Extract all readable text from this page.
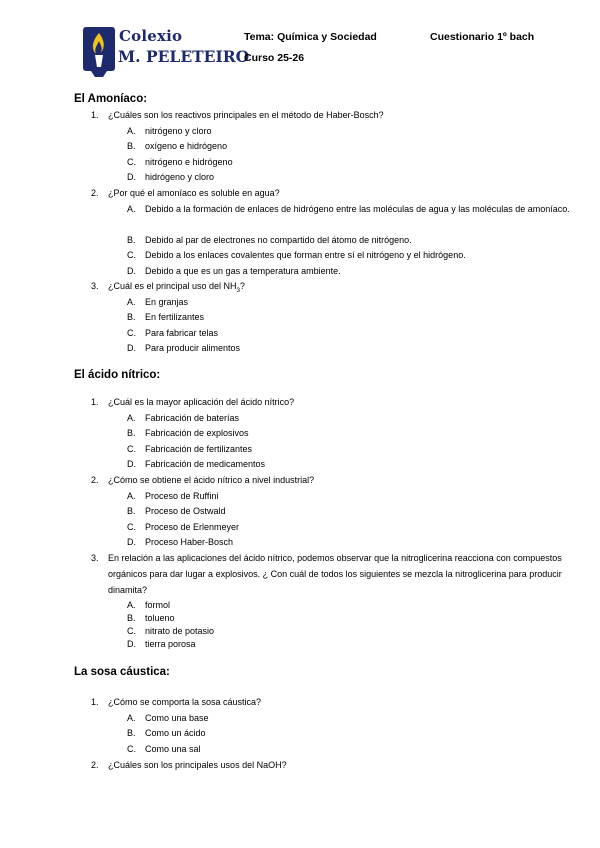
Colexio
M. PELETEIRO
Tema: Química y Sociedad
Curso 25-26
Cuestionario 1º bach
El Amoníaco:
1. ¿Cuáles son los reactivos principales en el método de Haber-Bosch?
A. nitrógeno y cloro
B. oxígeno e hidrógeno
C. nitrógeno e hidrógeno
D. hidrógeno y cloro
2. ¿Por qué el amoníaco es soluble en agua?
A. Debido a la formación de enlaces de hidrógeno entre las moléculas de agua y las moléculas de amoníaco.
B. Debido al par de electrones no compartido del átomo de nitrógeno.
C. Debido a los enlaces covalentes que forman entre sí el nitrógeno y el hidrógeno.
D. Debido a que es un gas a temperatura ambiente.
3. ¿Cuál es el principal uso del $NH_3$?
A. En granjas
B. En fertilizantes
C. Para fabricar telas
D. Para producir alimentos
El ácido nítrico:
1. ¿Cuál es la mayor aplicación del ácido nítrico?
A. Fabricación de baterías
B. Fabricación de explosivos
C. Fabricación de fertilizantes
D. Fabricación de medicamentos
2. ¿Cómo se obtiene el ácido nítrico a nivel industrial?
A. Proceso de Ruffini
B. Proceso de Ostwald
C. Proceso de Erlenmeyer
D. Proceso Haber-Bosch
3. En relación a las aplicaciones del ácido nítrico, podemos observar que la nitroglicerina reacciona con compuestos orgánicos para dar lugar a explosivos. ¿ Con cuál de todos los siguientes se mezcla la nitroglicerina para producir dinamita?
A. formol
B. tolueno
C. nitrato de potasio
D. tierra porosa
La sosa cáustica:
1. ¿Cómo se comporta la sosa cáustica?
A. Como una base
B. Como un ácido
C. Como una sal
2. ¿Cuáles son los principales usos del NaOH?
